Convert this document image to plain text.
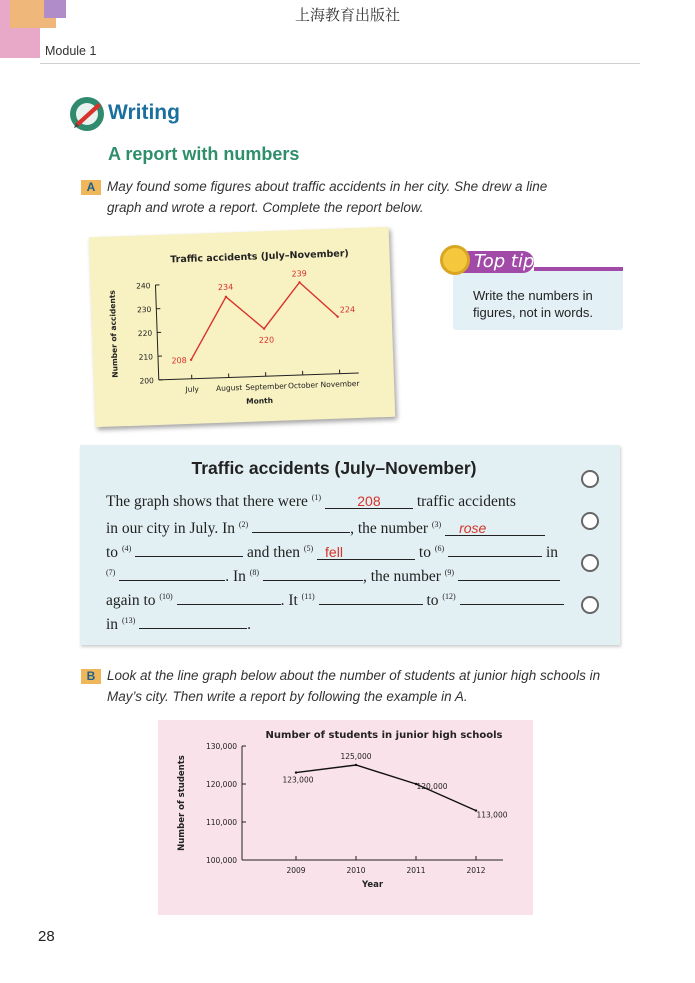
上海教育出版社
Module 1
Writing
A report with numbers
A May found some figures about traffic accidents in her city. She drew a line
graph and wrote a report. Complete the report below.
Traffic accidents (July–November)
200
210
220
230
240
July August September October November
Month
Number of accidents	208
234
220
239
224
Top tip
Write the numbers in
figures, not in words.
Traffic accidents (July–November)
The graph shows that there were $^{(1)}$	208 traffic accidents
in our city in July. In $^{(2)}$	, the number $^{(3)}$ rose
to $^{(4)}$	and then $^{(5)}$ fell	to $^{(6)}$	in
$^{(7)}$	. In $^{(8)}$	, the number $^{(9)}$
again to $^{(10)}$	. It $^{(11)}$	to $^{(12)}$
in $^{(13)}$	.
B Look at the line graph below about the number of students at junior high schools in
May’s city. Then write a report by following the example in A.
Number of students in junior high schools
100,000
110,000
120,000
130,000
2009	2010	2011	2012
Year
Number of students	123,000
125,000
120,000
113,000
28
